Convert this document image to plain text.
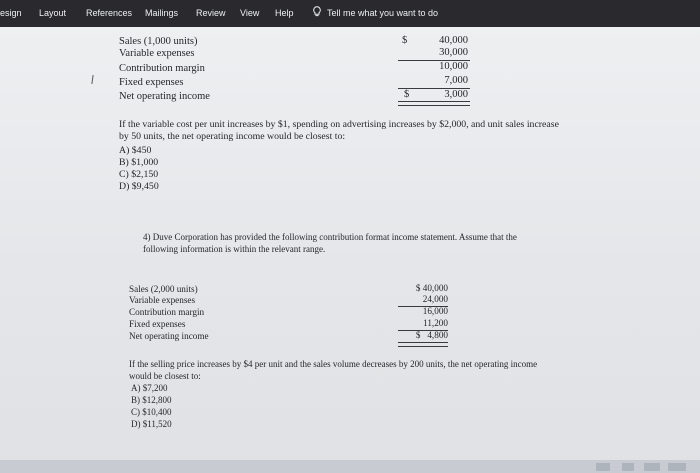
esign Layout References Mailings Review View Help	Tell me what you want to do
Sales (1,000 units)
Variable expenses
Contribution margin
Fixed expenses
Net operating income
$
$
40,000
30,000
10,000
7,000
3,000
If the variable cost per unit increases by $1, spending on advertising increases by $2,000, and unit sales increase by 50 units, the net operating income would be closest to:
A) $450
B) $1,000
C) $2,150
D) $9,450
4) Duve Corporation has provided the following contribution format income statement. Assume that the following information is within the relevant range.
Sales (2,000 units)
Variable expenses
Contribution margin
Fixed expenses
Net operating income
$ 40,000
24,000
16,000
11,200
$   4,800
If the selling price increases by $4 per unit and the sales volume decreases by 200 units, the net operating income would be closest to:
A) $7,200
B) $12,800
C) $10,400
D) $11,520
